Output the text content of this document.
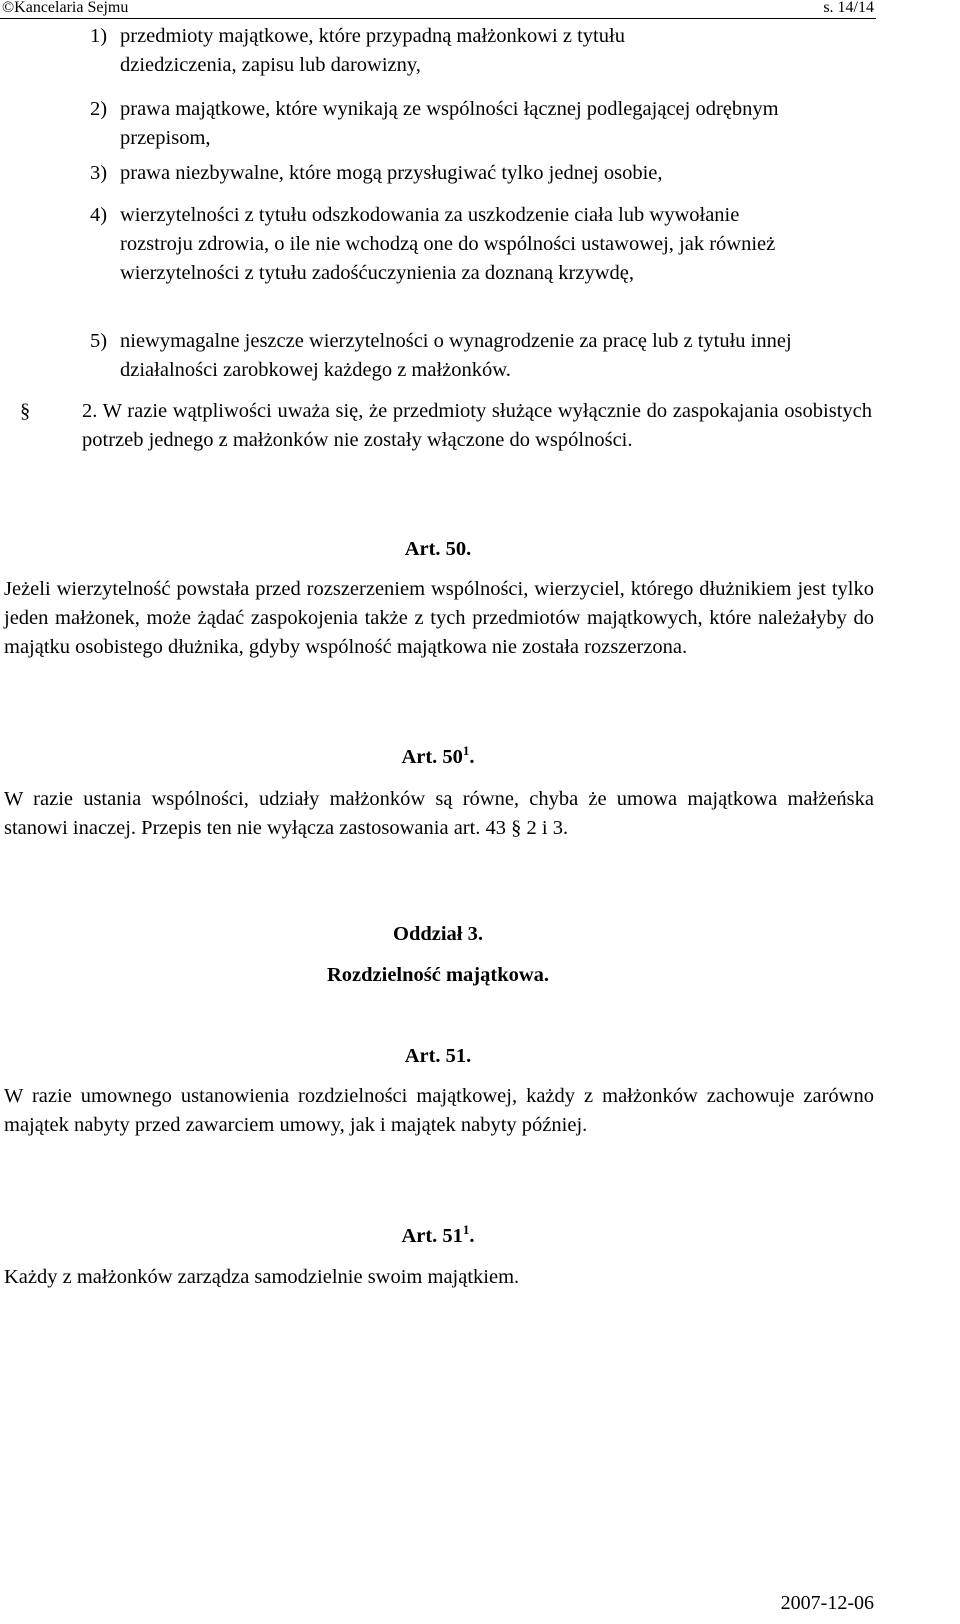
©Kancelaria Sejmu	s. 14/14
1) przedmioty majątkowe, które przypadną małżonkowi z tytułu dziedziczenia, zapisu lub darowizny,
2) prawa majątkowe, które wynikają ze wspólności łącznej podlegającej odrębnym przepisom,
3) prawa niezbywalne, które mogą przysługiwać tylko jednej osobie,
4) wierzytelności z tytułu odszkodowania za uszkodzenie ciała lub wywołanie rozstroju zdrowia, o ile nie wchodzą one do wspólności ustawowej, jak również wierzytelności z tytułu zadośćuczynienia za doznaną krzywdę,
5) niewymagalne jeszcze wierzytelności o wynagrodzenie za pracę lub z tytułu innej działalności zarobkowej każdego z małżonków.
§	2. W razie wątpliwości uważa się, że przedmioty służące wyłącznie do zaspokajania osobistych potrzeb jednego z małżonków nie zostały włączone do wspólności.
Art. 50.
Jeżeli wierzytelność powstała przed rozszerzeniem wspólności, wierzyciel, którego dłużnikiem jest tylko jeden małżonek, może żądać zaspokojenia także z tych przedmiotów majątkowych, które należałyby do majątku osobistego dłużnika, gdyby wspólność majątkowa nie została rozszerzona.
Art. $50^1$.
W razie ustania wspólności, udziały małżonków są równe, chyba że umowa majątkowa małżeńska stanowi inaczej. Przepis ten nie wyłącza zastosowania art. 43 § 2 i 3.
Oddział 3.
Rozdzielność majątkowa.
Art. 51.
W razie umownego ustanowienia rozdzielności majątkowej, każdy z małżonków zachowuje zarówno majątek nabyty przed zawarciem umowy, jak i majątek nabyty później.
Art. $51^1$.
Każdy z małżonków zarządza samodzielnie swoim majątkiem.
2007-12-06
